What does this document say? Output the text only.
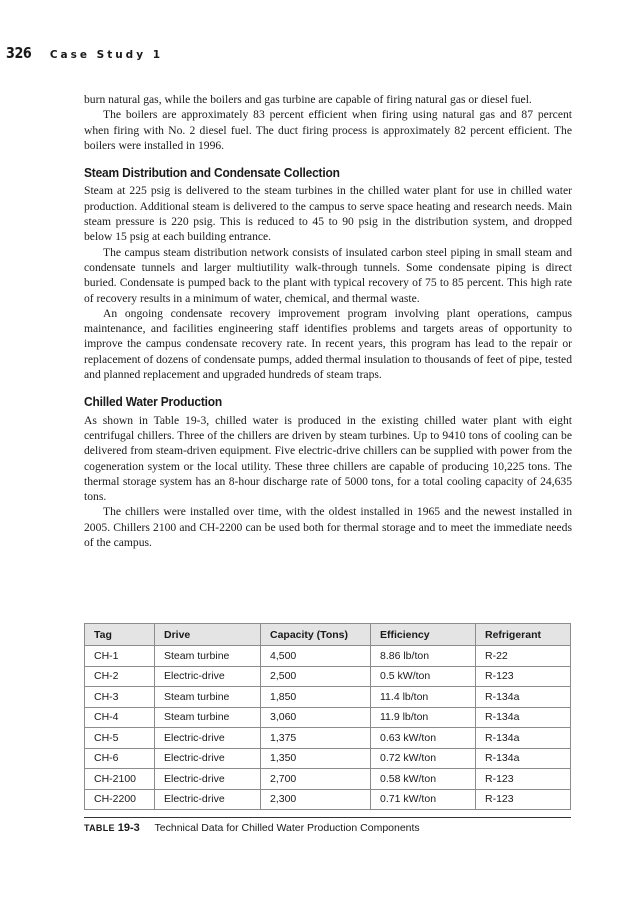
326 Case Study 1

burn natural gas, while the boilers and gas turbine are capable of firing natural gas or diesel fuel.

The boilers are approximately 83 percent efficient when firing using natural gas and 87 percent when firing with No. 2 diesel fuel. The duct firing process is approximately 82 percent efficient. The boilers were installed in 1996.

Steam Distribution and Condensate Collection

Steam at 225 psig is delivered to the steam turbines in the chilled water plant for use in chilled water production. Additional steam is delivered to the campus to serve space heating and research needs. Main steam pressure is 220 psig. This is reduced to 45 to 90 psig in the distribution system, and dropped below 15 psig at each building entrance.

The campus steam distribution network consists of insulated carbon steel piping in small steam and condensate tunnels and larger multiutility walk-through tunnels. Some condensate piping is direct buried. Condensate is pumped back to the plant with typical recovery of 75 to 85 percent. This high rate of recovery results in a minimum of water, chemical, and thermal waste.

An ongoing condensate recovery improvement program involving plant operations, campus maintenance, and facilities engineering staff identifies problems and targets areas of opportunity to improve the campus condensate recovery rate. In recent years, this program has lead to the repair or replacement of dozens of condensate pumps, added thermal insulation to thousands of feet of pipe, tested and planned replacement and upgraded hundreds of steam traps.

Chilled Water Production

As shown in Table 19-3, chilled water is produced in the existing chilled water plant with eight centrifugal chillers. Three of the chillers are driven by steam turbines. Up to 9410 tons of cooling can be delivered from steam-driven equipment. Five electric-drive chillers can be supplied with power from the cogeneration system or the local utility. These three chillers are capable of producing 10,225 tons. The thermal storage system has an 8-hour discharge rate of 5000 tons, for a total cooling capacity of 24,635 tons.

The chillers were installed over time, with the oldest installed in 1965 and the newest installed in 2005. Chillers 2100 and CH-2200 can be used both for thermal storage and to meet the immediate needs of the campus.

Tag	Drive	Capacity (Tons)	Efficiency	Refrigerant
CH-1	Steam turbine	4,500	8.86 lb/ton	R-22
CH-2	Electric-drive	2,500	0.5 kW/ton	R-123
CH-3	Steam turbine	1,850	11.4 lb/ton	R-134a
CH-4	Steam turbine	3,060	11.9 lb/ton	R-134a
CH-5	Electric-drive	1,375	0.63 kW/ton	R-134a
CH-6	Electric-drive	1,350	0.72 kW/ton	R-134a
CH-2100	Electric-drive	2,700	0.58 kW/ton	R-123
CH-2200	Electric-drive	2,300	0.71 kW/ton	R-123
TABLE 19-3 Technical Data for Chilled Water Production Components
